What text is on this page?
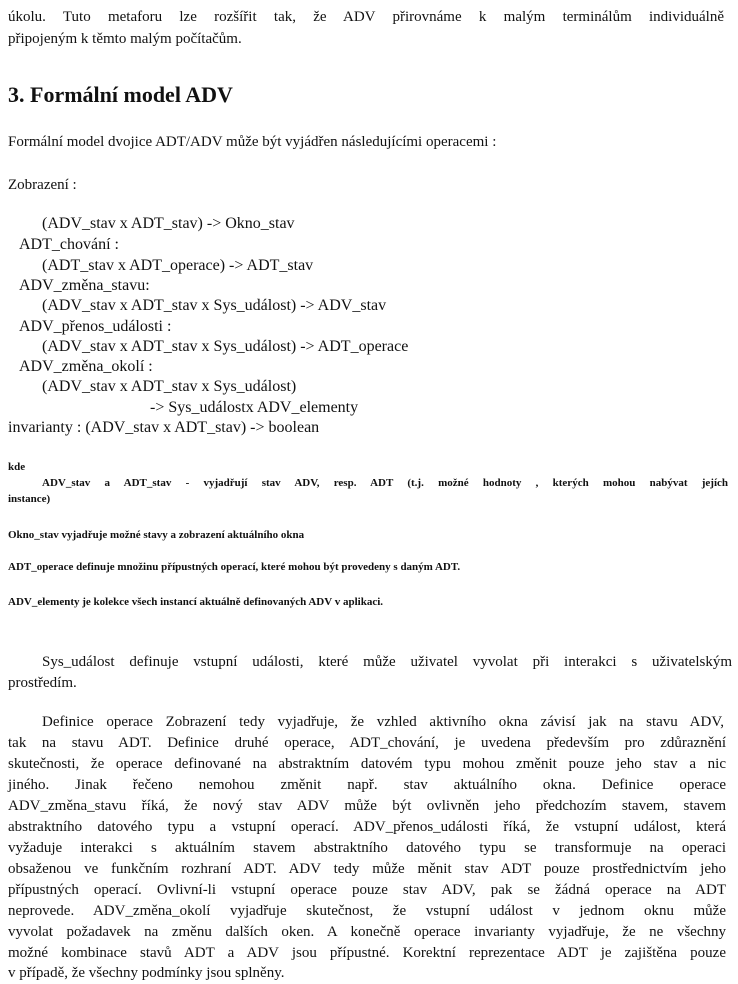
úkolu. Tuto metaforu lze rozšířit tak, že ADV přirovnáme k malým terminálům individuálně
připojeným k těmto malým počítačům.
3. Formální model ADV
Formální model dvojice ADT/ADV může být vyjádřen následujícími operacemi :
Zobrazení :
(ADV_stav x ADT_stav) -> Okno_stav
ADT_chování :
(ADT_stav x ADT_operace) -> ADT_stav
ADV_změna_stavu:
(ADV_stav x ADT_stav x Sys_událost) -> ADV_stav
ADV_přenos_události :
(ADV_stav x ADT_stav x Sys_událost) -> ADT_operace
ADV_změna_okolí :
(ADV_stav x ADT_stav x Sys_událost)
-> Sys_událostx ADV_elementy
invarianty : (ADV_stav x ADT_stav) -> boolean
kde
ADV_stav a ADT_stav - vyjadřují stav ADV, resp. ADT (t.j. možné hodnoty , kterých mohou nabývat jejích
instance)
Okno_stav vyjadřuje možné stavy a zobrazení aktuálního okna
ADT_operace definuje množinu přípustných operací, které mohou být provedeny s daným ADT.
ADV_elementy je kolekce všech instancí aktuálně definovaných ADV v aplikaci.
Sys_událost definuje vstupní události, které může uživatel vyvolat při interakci s uživatelským
prostředím.
Definice operace Zobrazení tedy vyjadřuje, že vzhled aktivního okna závisí jak na stavu ADV,
tak na stavu ADT. Definice druhé operace, ADT_chování, je uvedena především pro zdůraznění
skutečnosti, že operace definované na abstraktním datovém typu mohou změnit pouze jeho stav a nic
jiného. Jinak řečeno nemohou změnit např. stav aktuálního okna. Definice operace
ADV_změna_stavu říká, že nový stav ADV může být ovlivněn jeho předchozím stavem, stavem
abstraktního datového typu a vstupní operací. ADV_přenos_události říká, že vstupní událost, která
vyžaduje interakci s aktuálním stavem abstraktního datového typu se transformuje na operaci
obsaženou ve funkčním rozhraní ADT. ADV tedy může měnit stav ADT pouze prostřednictvím jeho
přípustných operací. Ovlivní-li vstupní operace pouze stav ADV, pak se žádná operace na ADT
neprovede. ADV_změna_okolí vyjadřuje skutečnost, že vstupní událost v jednom oknu může
vyvolat požadavek na změnu dalších oken. A konečně operace invarianty vyjadřuje, že ne všechny
možné kombinace stavů ADT a ADV jsou přípustné. Korektní reprezentace ADT je zajištěna pouze
v případě, že všechny podmínky jsou splněny.
